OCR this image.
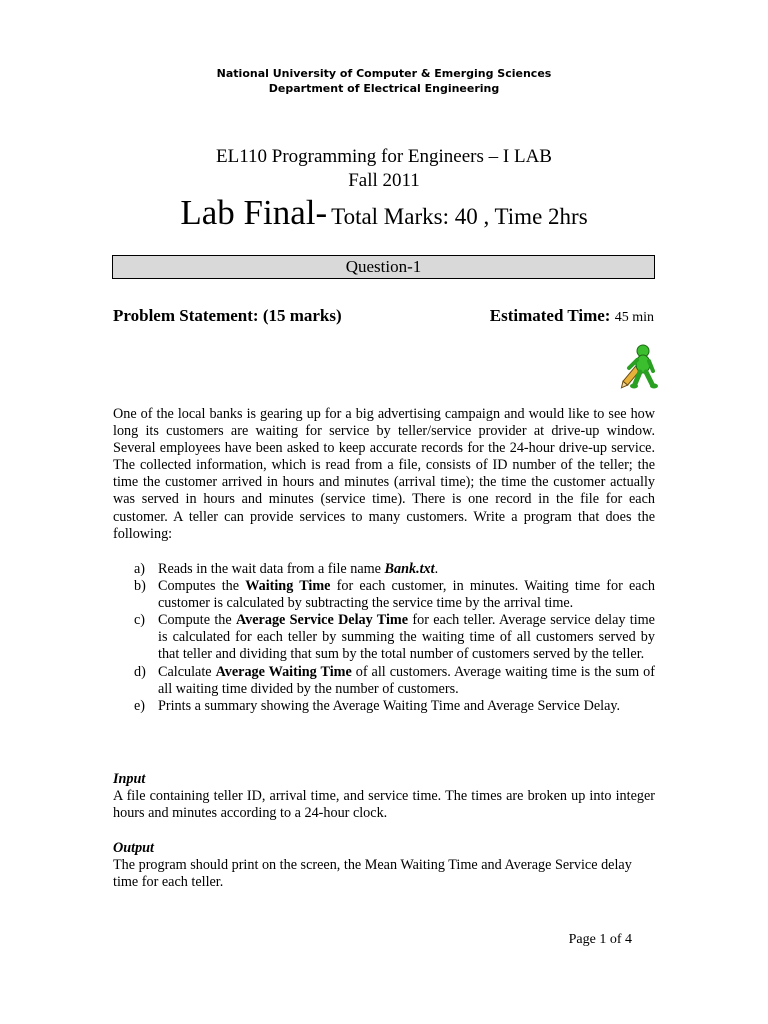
National University of Computer & Emerging Sciences
Department of Electrical Engineering
EL110 Programming for Engineers – I LAB
Fall 2011
Lab Final- Total Marks: 40 , Time 2hrs
Question-1
Problem Statement: (15 marks)	Estimated Time: 45 min
One of the local banks is gearing up for a big advertising campaign and would like to see how long its customers are waiting for service by teller/service provider at drive-up window. Several employees have been asked to keep accurate records for the 24-hour drive-up service. The collected information, which is read from a file, consists of ID number of the teller; the time the customer arrived in hours and minutes (arrival time); the time the customer actually was served in hours and minutes (service time). There is one record in the file for each customer. A teller can provide services to many customers. Write a program that does the following:
a) Reads in the wait data from a file name Bank.txt.
b) Computes the Waiting Time for each customer, in minutes. Waiting time for each customer is calculated by subtracting the service time by the arrival time.
c) Compute the Average Service Delay Time for each teller. Average service delay time is calculated for each teller by summing the waiting time of all customers served by that teller and dividing that sum by the total number of customers served by the teller.
d) Calculate Average Waiting Time of all customers. Average waiting time is the sum of all waiting time divided by the number of customers.
e) Prints a summary showing the Average Waiting Time and Average Service Delay.
Input
A file containing teller ID, arrival time, and service time. The times are broken up into integer hours and minutes according to a 24-hour clock.
Output
The program should print on the screen, the Mean Waiting Time and Average Service delay time for each teller.
Page 1 of 4
